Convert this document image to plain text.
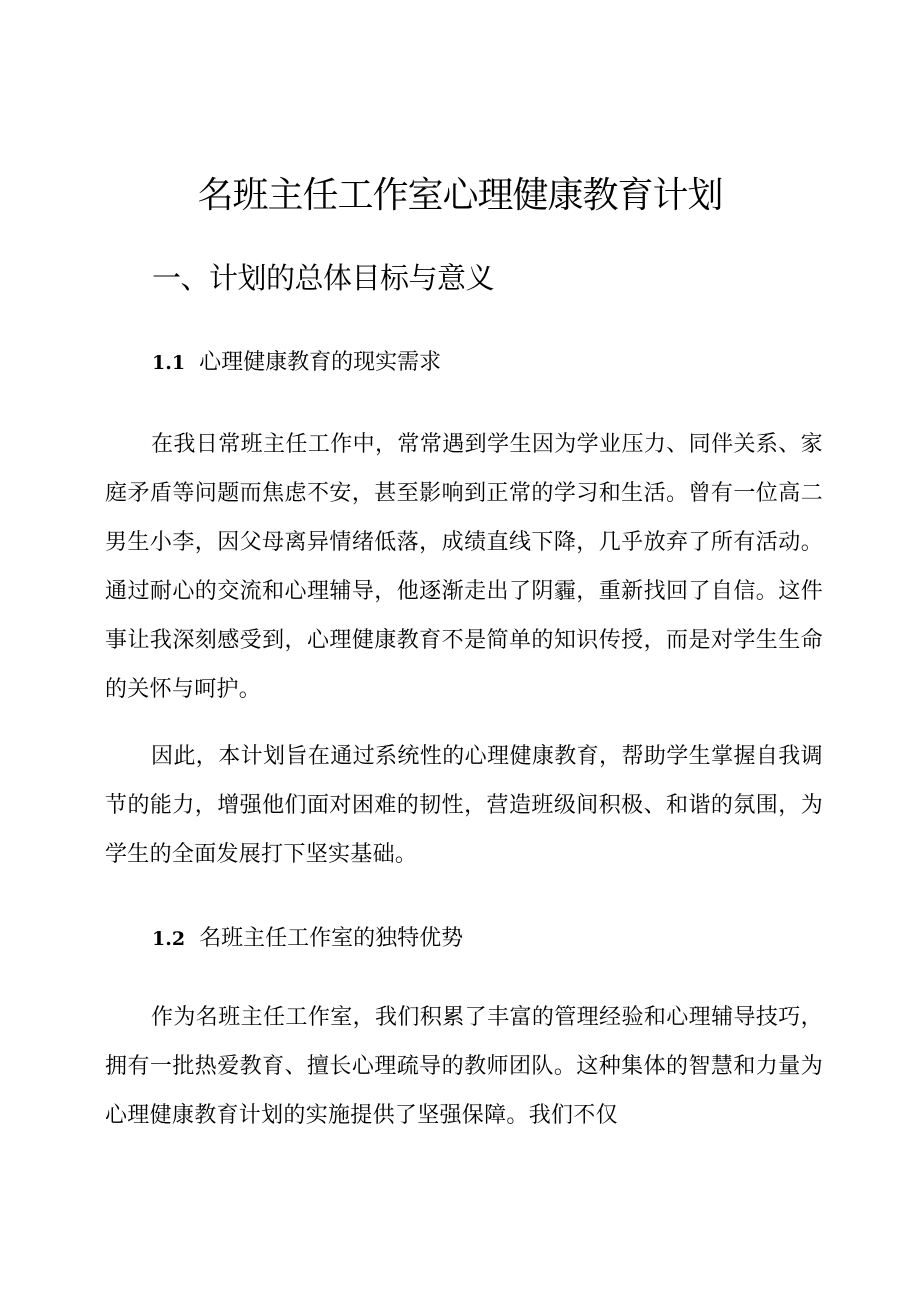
名班主任工作室心理健康教育计划
一、计划的总体目标与意义
1.1 心理健康教育的现实需求

在我日常班主任工作中，常常遇到学生因为学业压力、同伴关系、家庭矛盾等问题而焦虑不安，甚至影响到正常的学习和生活。曾有一位高二男生小李，因父母离异情绪低落，成绩直线下降，几乎放弃了所有活动。通过耐心的交流和心理辅导，他逐渐走出了阴霾，重新找回了自信。这件事让我深刻感受到，心理健康教育不是简单的知识传授，而是对学生生命的关怀与呵护。

因此，本计划旨在通过系统性的心理健康教育，帮助学生掌握自我调节的能力，增强他们面对困难的韧性，营造班级间积极、和谐的氛围，为学生的全面发展打下坚实基础。

1.2 名班主任工作室的独特优势

作为名班主任工作室，我们积累了丰富的管理经验和心理辅导技巧，拥有一批热爱教育、擅长心理疏导的教师团队。这种集体的智慧和力量为心理健康教育计划的实施提供了坚强保障。我们不仅
